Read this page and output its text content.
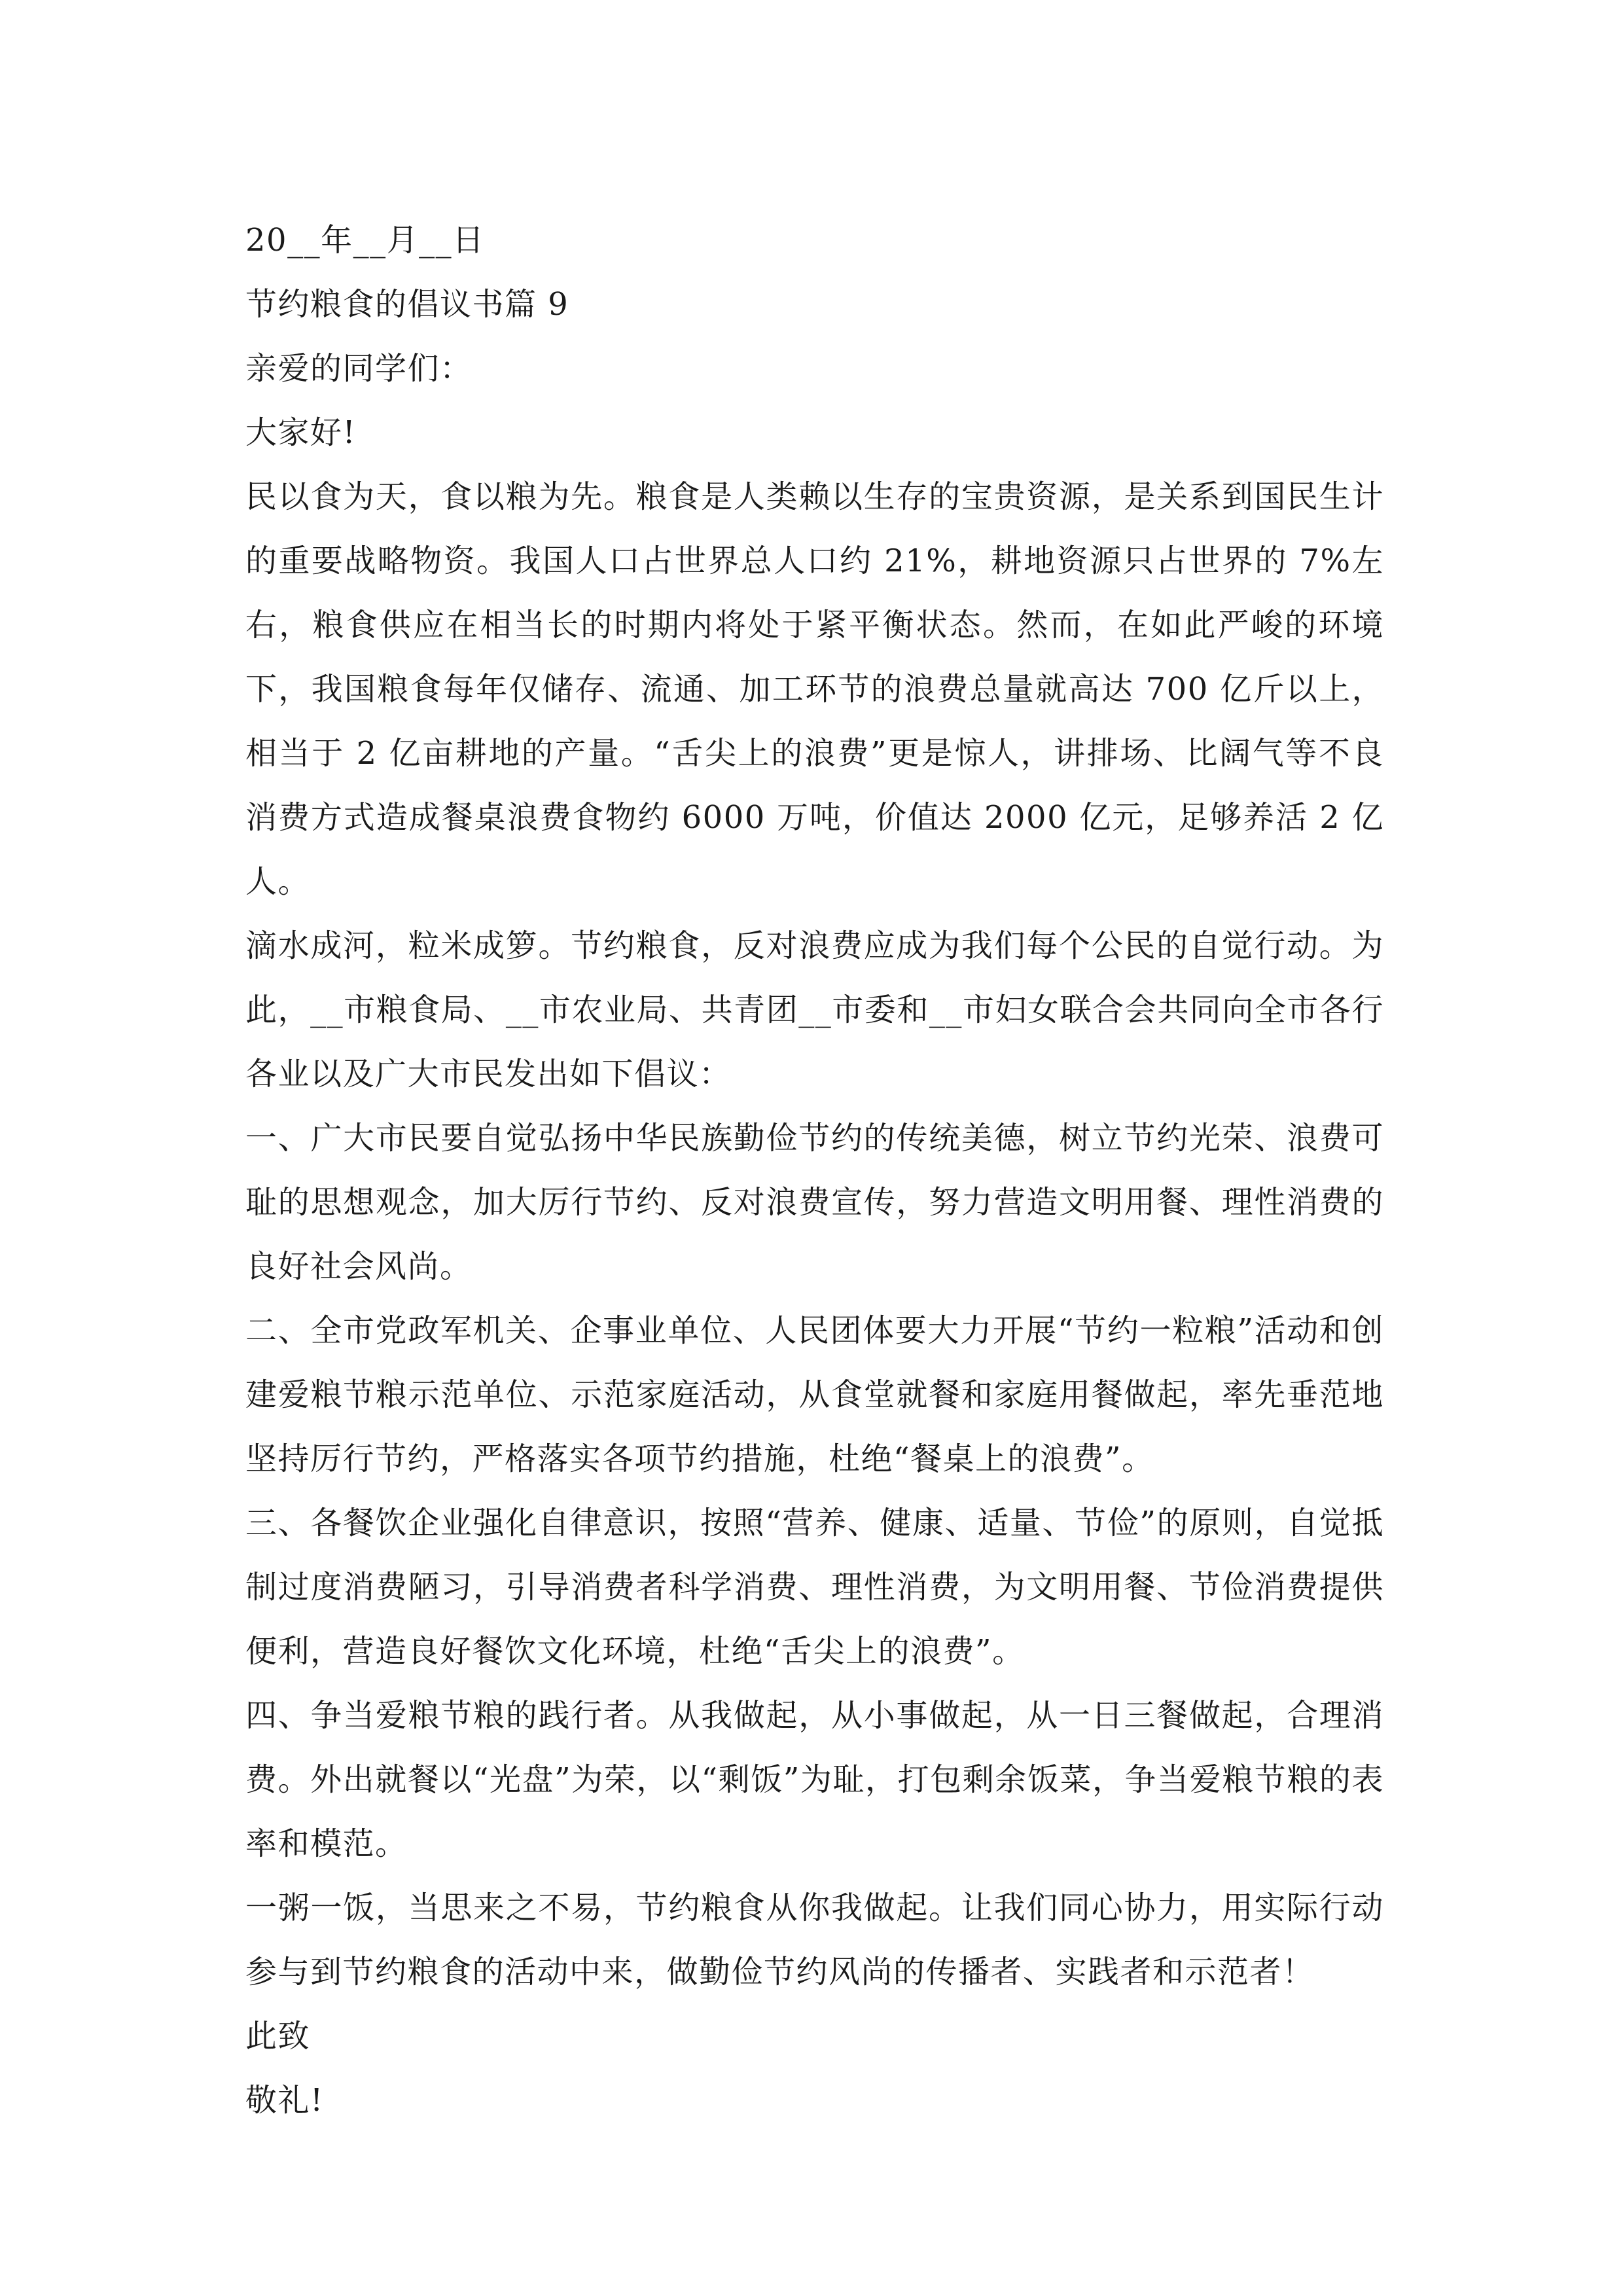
20__年__月__日

节约粮食的倡议书篇 9

亲爱的同学们：

大家好!

民以食为天，食以粮为先。粮食是人类赖以生存的宝贵资源，是关系到国民生计的重要战略物资。我国人口占世界总人口约 21%，耕地资源只占世界的 7%左右，粮食供应在相当长的时期内将处于紧平衡状态。然而，在如此严峻的环境下，我国粮食每年仅储存、流通、加工环节的浪费总量就高达 700 亿斤以上，相当于 2 亿亩耕地的产量。“舌尖上的浪费”更是惊人，讲排场、比阔气等不良消费方式造成餐桌浪费食物约 6000 万吨，价值达 2000 亿元，足够养活 2 亿人。

滴水成河，粒米成箩。节约粮食，反对浪费应成为我们每个公民的自觉行动。为此，__市粮食局、__市农业局、共青团__市委和__市妇女联合会共同向全市各行各业以及广大市民发出如下倡议：

一、广大市民要自觉弘扬中华民族勤俭节约的传统美德，树立节约光荣、浪费可耻的思想观念，加大厉行节约、反对浪费宣传，努力营造文明用餐、理性消费的良好社会风尚。

二、全市党政军机关、企事业单位、人民团体要大力开展“节约一粒粮”活动和创建爱粮节粮示范单位、示范家庭活动，从食堂就餐和家庭用餐做起，率先垂范地坚持厉行节约，严格落实各项节约措施，杜绝“餐桌上的浪费”。

三、各餐饮企业强化自律意识，按照“营养、健康、适量、节俭”的原则，自觉抵制过度消费陋习，引导消费者科学消费、理性消费，为文明用餐、节俭消费提供便利，营造良好餐饮文化环境，杜绝“舌尖上的浪费”。

四、争当爱粮节粮的践行者。从我做起，从小事做起，从一日三餐做起，合理消费。外出就餐以“光盘”为荣，以“剩饭”为耻，打包剩余饭菜，争当爱粮节粮的表率和模范。

一粥一饭，当思来之不易，节约粮食从你我做起。让我们同心协力，用实际行动参与到节约粮食的活动中来，做勤俭节约风尚的传播者、实践者和示范者！

此致

敬礼!
